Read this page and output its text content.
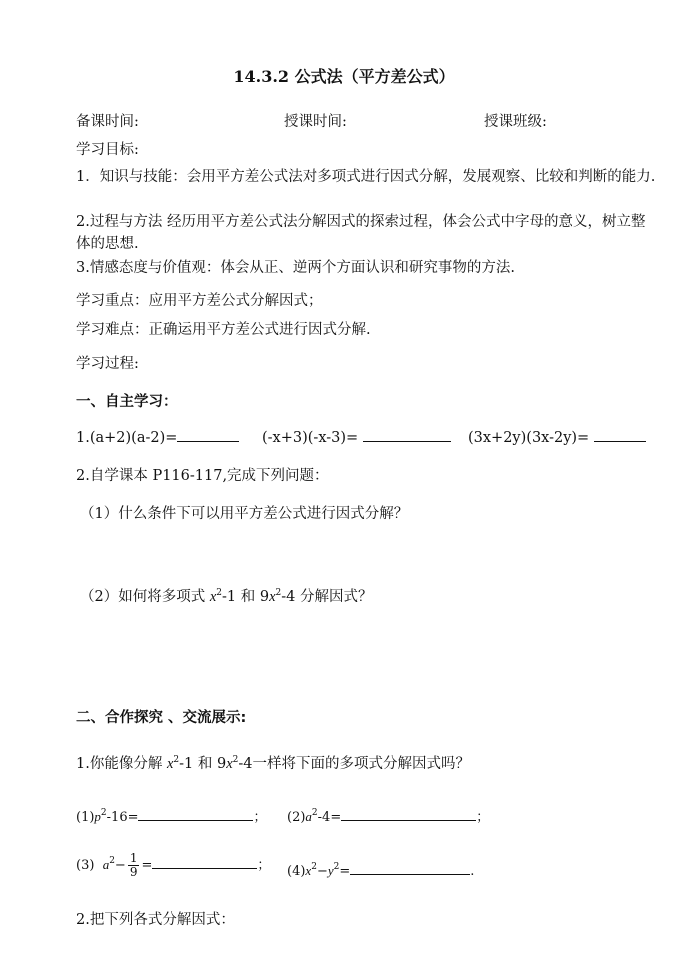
14.3.2 公式法（平方差公式）
备课时间:	授课时间:	授课班级:
学习目标:
1．知识与技能：会用平方差公式法对多项式进行因式分解，发展观察、比较和判断的能力.
2.过程与方法 经历用平方差公式法分解因式的探索过程，体会公式中字母的意义，树立整体的思想.
3.情感态度与价值观：体会从正、逆两个方面认识和研究事物的方法.
学习重点：应用平方差公式分解因式；
学习难点：正确运用平方差公式进行因式分解.
学习过程:
一、自主学习：
1.(a+2)(a-2)=	(-x+3)(-x-3)=	(3x+2y)(3x-2y)=
2.自学课本 P116-117,完成下列问题：
（1）什么条件下可以用平方差公式进行因式分解？
（2）如何将多项式 $x^2-1$ 和 $9x^2-4$ 分解因式？
二、合作探究 、交流展示:
1.你能像分解 $x^2-1$ 和 $9x^2-4$一样将下面的多项式分解因式吗？
$(1)p^2-16=$	； $(2)a^2-4=$	；
(3) $a^2- \frac{1}{9}$ =	； $(4)x^2-y^2=$	.
2.把下列各式分解因式：
